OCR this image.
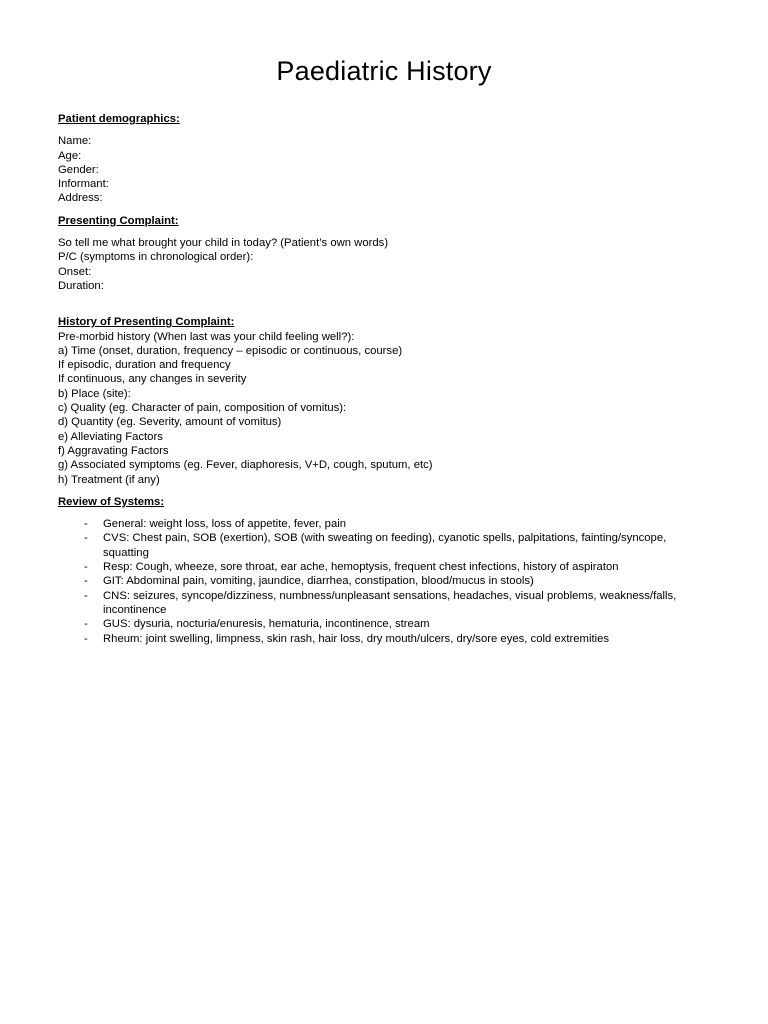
Paediatric History

Patient demographics:

Name:

Age:

Gender:

Informant:

Address:

Presenting Complaint:

So tell me what brought your child in today? (Patient’s own words)

P/C (symptoms in chronological order):

Onset:

Duration:

History of Presenting Complaint:

Pre-morbid history (When last was your child feeling well?):

a) Time (onset, duration, frequency – episodic or continuous, course)

If episodic, duration and frequency

If continuous, any changes in severity

b) Place (site):

c) Quality (eg. Character of pain, composition of vomitus):

d) Quantity (eg. Severity, amount of vomitus)

e) Alleviating Factors

f) Aggravating Factors

g) Associated symptoms (eg. Fever, diaphoresis, V+D, cough, sputum, etc)

h) Treatment (if any)

Review of Systems:

- General: weight loss, loss of appetite, fever, pain
- CVS: Chest pain, SOB (exertion), SOB (with sweating on feeding), cyanotic spells, palpitations, fainting/syncope, squatting
- Resp: Cough, wheeze, sore throat, ear ache, hemoptysis, frequent chest infections, history of aspiraton
- GIT: Abdominal pain, vomiting, jaundice, diarrhea, constipation, blood/mucus in stools)
- CNS: seizures, syncope/dizziness, numbness/unpleasant sensations, headaches, visual problems, weakness/falls, incontinence
- GUS: dysuria, nocturia/enuresis, hematuria, incontinence, stream
- Rheum: joint swelling, limpness, skin rash, hair loss, dry mouth/ulcers, dry/sore eyes, cold extremities
